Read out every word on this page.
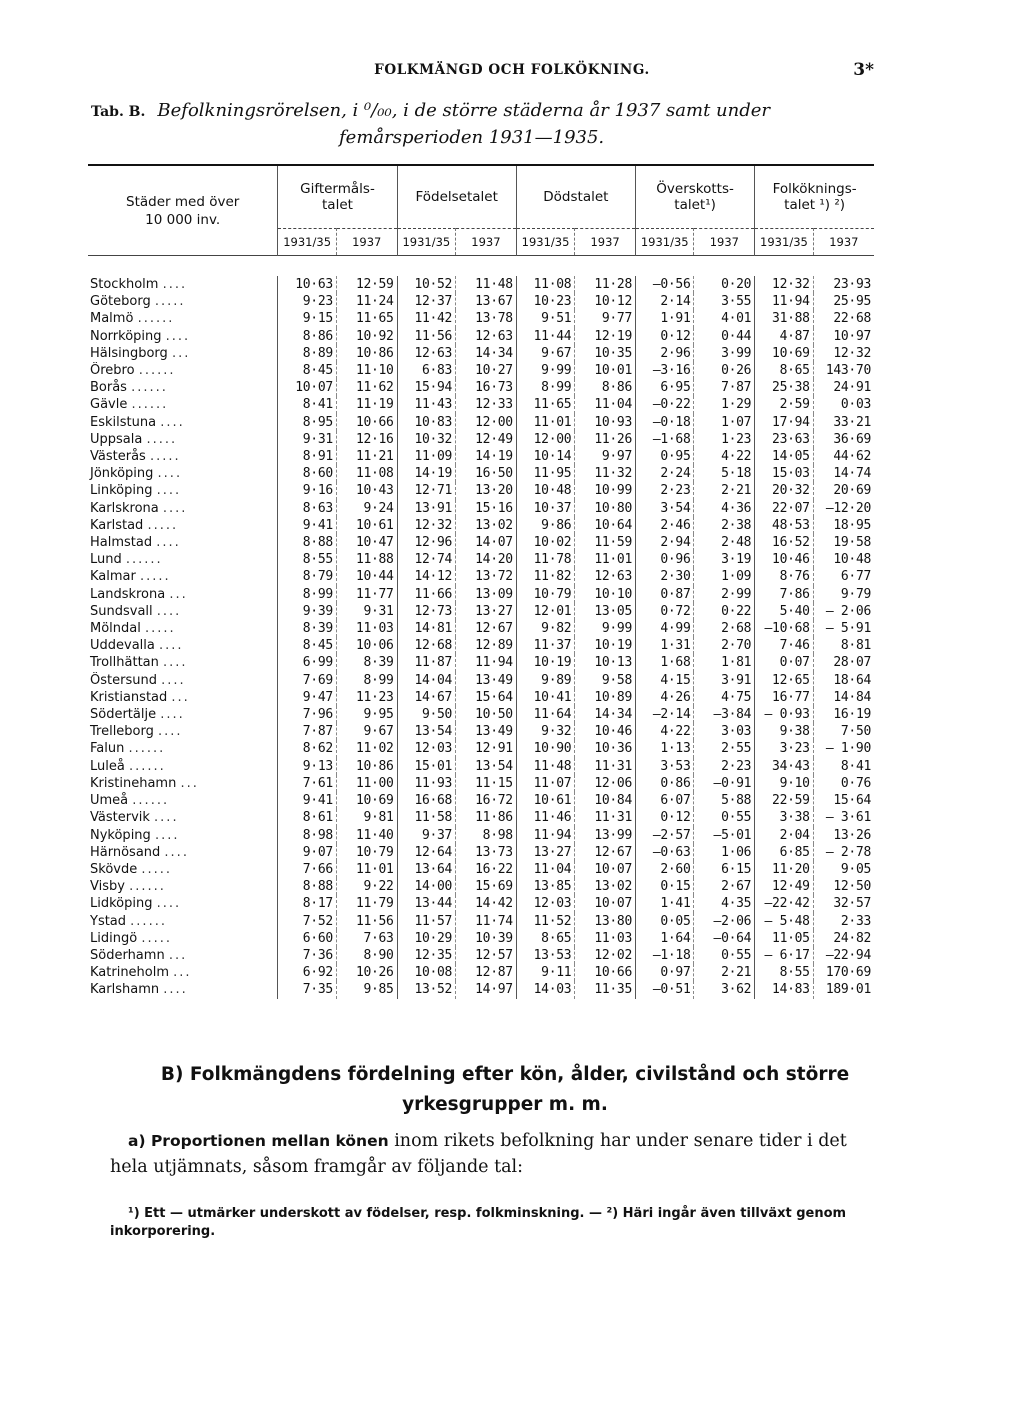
FOLKMÄNGD OCH FOLKÖKNING.	3*
Tab. B. Befolkningsrörelsen, i ⁰/₀₀, i de större städerna år 1937 samt under
femårsperioden 1931—1935.

Städer med över
10 000 inv.	Giftermåls-
talet		Födelsetalet		Dödstalet		Överskotts-
talet¹)		Folköknings-
talet ¹) ²)	
	1931/35	1937	1931/35	1937	1931/35	1937	1931/35	1937	1931/35	1937

Stockholm ....	10·63	12·59	10·52	11·48	11·08	11·28	—0·56	0·20	12·32	23·93
Göteborg .....	9·23	11·24	12·37	13·67	10·23	10·12	2·14	3·55	11·94	25·95
Malmö ......	9·15	11·65	11·42	13·78	9·51	9·77	1·91	4·01	31·88	22·68
Norrköping ....	8·86	10·92	11·56	12·63	11·44	12·19	0·12	0·44	4·87	10·97
Hälsingborg ...	8·89	10·86	12·63	14·34	9·67	10·35	2·96	3·99	10·69	12·32
Örebro ......	8·45	11·10	6·83	10·27	9·99	10·01	—3·16	0·26	8·65	143·70
Borås ......	10·07	11·62	15·94	16·73	8·99	8·86	6·95	7·87	25·38	24·91
Gävle ......	8·41	11·19	11·43	12·33	11·65	11·04	—0·22	1·29	2·59	0·03
Eskilstuna ....	8·95	10·66	10·83	12·00	11·01	10·93	—0·18	1·07	17·94	33·21
Uppsala .....	9·31	12·16	10·32	12·49	12·00	11·26	—1·68	1·23	23·63	36·69
Västerås .....	8·91	11·21	11·09	14·19	10·14	9·97	0·95	4·22	14·05	44·62
Jönköping ....	8·60	11·08	14·19	16·50	11·95	11·32	2·24	5·18	15·03	14·74
Linköping ....	9·16	10·43	12·71	13·20	10·48	10·99	2·23	2·21	20·32	20·69
Karlskrona ....	8·63	9·24	13·91	15·16	10·37	10·80	3·54	4·36	22·07	—12·20
Karlstad .....	9·41	10·61	12·32	13·02	9·86	10·64	2·46	2·38	48·53	18·95
Halmstad ....	8·88	10·47	12·96	14·07	10·02	11·59	2·94	2·48	16·52	19·58
Lund ......	8·55	11·88	12·74	14·20	11·78	11·01	0·96	3·19	10·46	10·48
Kalmar .....	8·79	10·44	14·12	13·72	11·82	12·63	2·30	1·09	8·76	6·77
Landskrona ...	8·99	11·77	11·66	13·09	10·79	10·10	0·87	2·99	7·86	9·79
Sundsvall ....	9·39	9·31	12·73	13·27	12·01	13·05	0·72	0·22	5·40	— 2·06
Mölndal .....	8·39	11·03	14·81	12·67	9·82	9·99	4·99	2·68	—10·68	— 5·91
Uddevalla ....	8·45	10·06	12·68	12·89	11·37	10·19	1·31	2·70	7·46	8·81
Trollhättan ....	6·99	8·39	11·87	11·94	10·19	10·13	1·68	1·81	0·07	28·07
Östersund ....	7·69	8·99	14·04	13·49	9·89	9·58	4·15	3·91	12·65	18·64
Kristianstad ...	9·47	11·23	14·67	15·64	10·41	10·89	4·26	4·75	16·77	14·84
Södertälje ....	7·96	9·95	9·50	10·50	11·64	14·34	—2·14	—3·84	— 0·93	16·19
Trelleborg ....	7·87	9·67	13·54	13·49	9·32	10·46	4·22	3·03	9·38	7·50
Falun ......	8·62	11·02	12·03	12·91	10·90	10·36	1·13	2·55	3·23	— 1·90
Luleå ......	9·13	10·86	15·01	13·54	11·48	11·31	3·53	2·23	34·43	8·41
Kristinehamn ...	7·61	11·00	11·93	11·15	11·07	12·06	0·86	—0·91	9·10	0·76
Umeå ......	9·41	10·69	16·68	16·72	10·61	10·84	6·07	5·88	22·59	15·64
Västervik ....	8·61	9·81	11·58	11·86	11·46	11·31	0·12	0·55	3·38	— 3·61
Nyköping ....	8·98	11·40	9·37	8·98	11·94	13·99	—2·57	—5·01	2·04	13·26
Härnösand ....	9·07	10·79	12·64	13·73	13·27	12·67	—0·63	1·06	6·85	— 2·78
Skövde .....	7·66	11·01	13·64	16·22	11·04	10·07	2·60	6·15	11·20	9·05
Visby ......	8·88	9·22	14·00	15·69	13·85	13·02	0·15	2·67	12·49	12·50
Lidköping ....	8·17	11·79	13·44	14·42	12·03	10·07	1·41	4·35	—22·42	32·57
Ystad ......	7·52	11·56	11·57	11·74	11·52	13·80	0·05	—2·06	— 5·48	2·33
Lidingö .....	6·60	7·63	10·29	10·39	8·65	11·03	1·64	—0·64	11·05	24·82
Söderhamn ...	7·36	8·90	12·35	12·57	13·53	12·02	—1·18	0·55	— 6·17	—22·94
Katrineholm ...	6·92	10·26	10·08	12·87	9·11	10·66	0·97	2·21	8·55	170·69
Karlshamn ....	7·35	9·85	13·52	14·97	14·03	11·35	—0·51	3·62	14·83	189·01
B) Folkmängdens fördelning efter kön, ålder, civilstånd och större yrkesgrupper m. m.
a) Proportionen mellan könen inom rikets befolkning har under senare tider i det hela utjämnats, såsom framgår av följande tal:
¹) Ett — utmärker underskott av födelser, resp. folkminskning. — ²) Häri ingår även tillväxt genom inkorporering.
